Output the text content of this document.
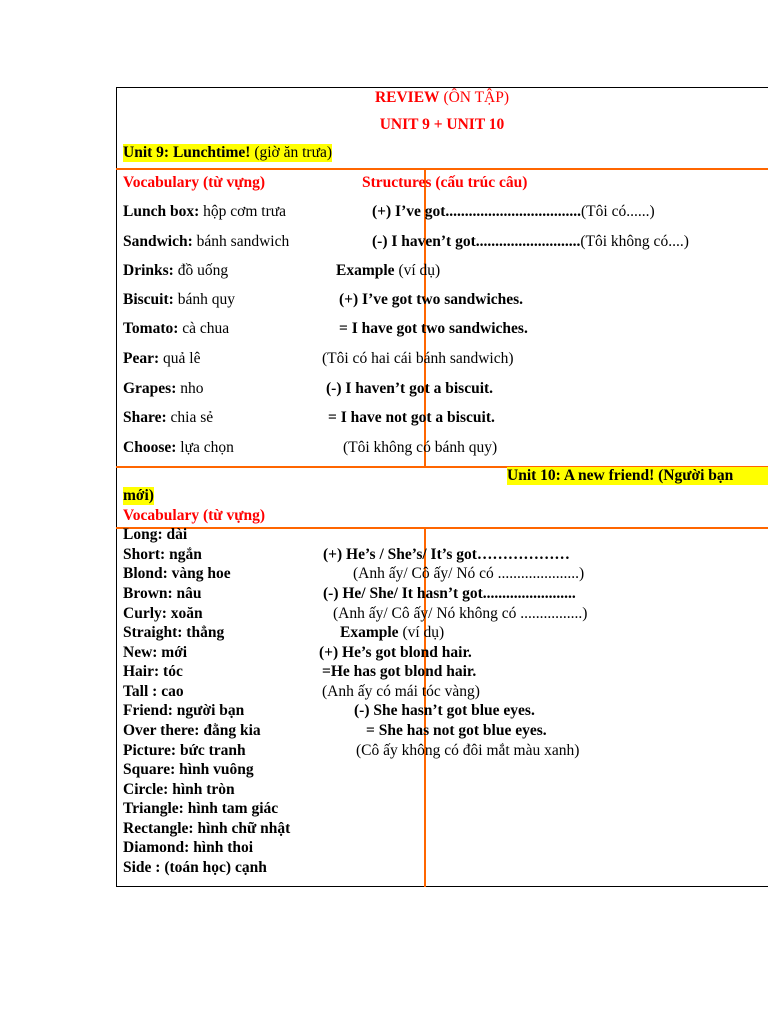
REVIEW (ÔN TẬP)
UNIT 9 + UNIT 10
Unit 9: Lunchtime! (giờ ăn trưa)
Vocabulary (từ vựng)	Structures (cấu trúc câu)
Lunch box: hộp cơm trưa
Sandwich: bánh sandwich
Drinks: đồ uống
Biscuit: bánh quy
Tomato: cà chua
Pear: quả lê
Grapes: nho
Share: chia sẻ
Choose: lựa chọn
(+) I’ve got...................................(Tôi có......)
(-) I haven’t got...........................(Tôi không có....)
Example (ví dụ)
(+) I’ve got two sandwiches.
= I have got two sandwiches.
(Tôi có hai cái bánh sandwich)
(-) I haven’t got a biscuit.
= I have not got a biscuit.
(Tôi không có bánh quy)
Unit 10: A new friend! (Người bạn
mới)
Vocabulary (từ vựng)
Long: dài
Short: ngắn
Blond: vàng hoe
Brown: nâu
Curly: xoăn
Straight: thẳng
New: mới
Hair: tóc
Tall : cao
Friend: người bạn
Over there: đằng kia
Picture: bức tranh
Square: hình vuông
Circle: hình tròn
Triangle: hình tam giác
Rectangle: hình chữ nhật
Diamond: hình thoi
Side : (toán học) cạnh
(+) He’s / She’s/ It’s got………………
(Anh ấy/ Cô ấy/ Nó có .....................)
(-) He/ She/ It hasn’t got........................
(Anh ấy/ Cô ấy/ Nó không có ................)
Example (ví dụ)
(+) He’s got blond hair.
=He has got blond hair.
(Anh ấy có mái tóc vàng)
(-) She hasn’t got blue eyes.
= She has not got blue eyes.
(Cô ấy không có đôi mắt màu xanh)
